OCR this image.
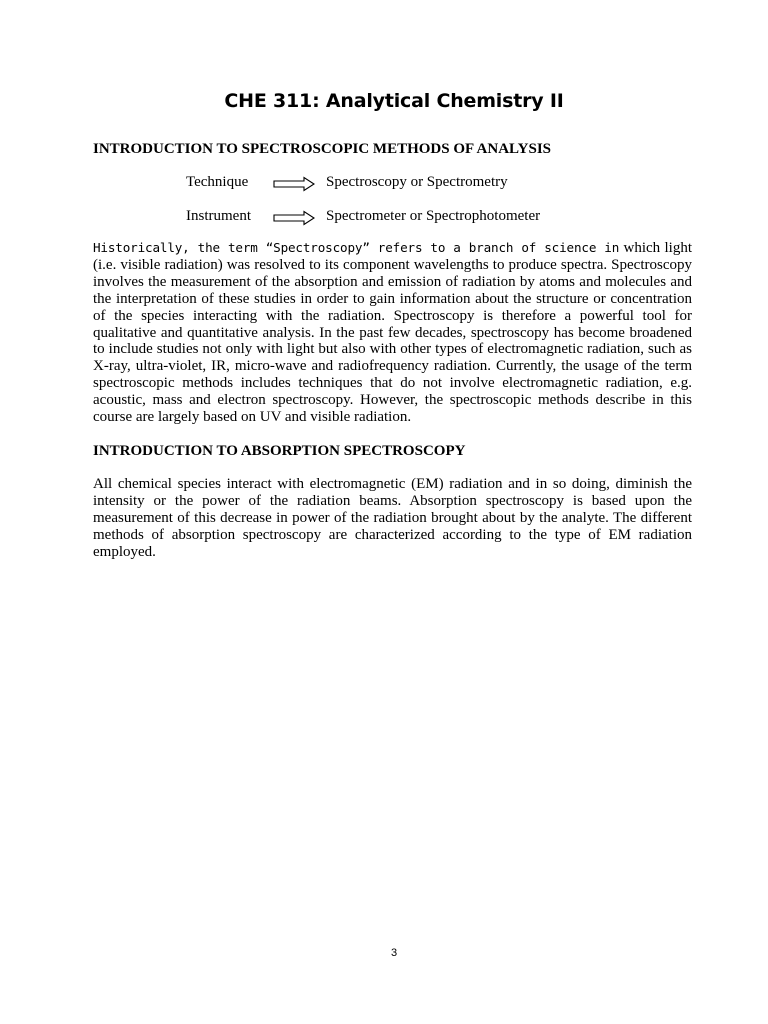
CHE 311: Analytical Chemistry II
INTRODUCTION TO SPECTROSCOPIC METHODS OF ANALYSIS
Technique	Spectroscopy or Spectrometry
Instrument	Spectrometer or Spectrophotometer

Historically, the term “Spectroscopy” refers to a branch of science in which light (i.e. visible radiation) was resolved to its component wavelengths to produce spectra. Spectroscopy involves the measurement of the absorption and emission of radiation by atoms and molecules and the interpretation of these studies in order to gain information about the structure or concentration of the species interacting with the radiation. Spectroscopy is therefore a powerful tool for qualitative and quantitative analysis. In the past few decades, spectroscopy has become broadened to include studies not only with light but also with other types of electromagnetic radiation, such as X-ray, ultra-violet, IR, micro-wave and radiofrequency radiation. Currently, the usage of the term spectroscopic methods includes techniques that do not involve electromagnetic radiation, e.g. acoustic, mass and electron spectroscopy. However, the spectroscopic methods describe in this course are largely based on UV and visible radiation.

INTRODUCTION TO ABSORPTION SPECTROSCOPY

All chemical species interact with electromagnetic (EM) radiation and in so doing, diminish the intensity or the power of the radiation beams. Absorption spectroscopy is based upon the measurement of this decrease in power of the radiation brought about by the analyte. The different methods of absorption spectroscopy are characterized according to the type of EM radiation employed.

3
